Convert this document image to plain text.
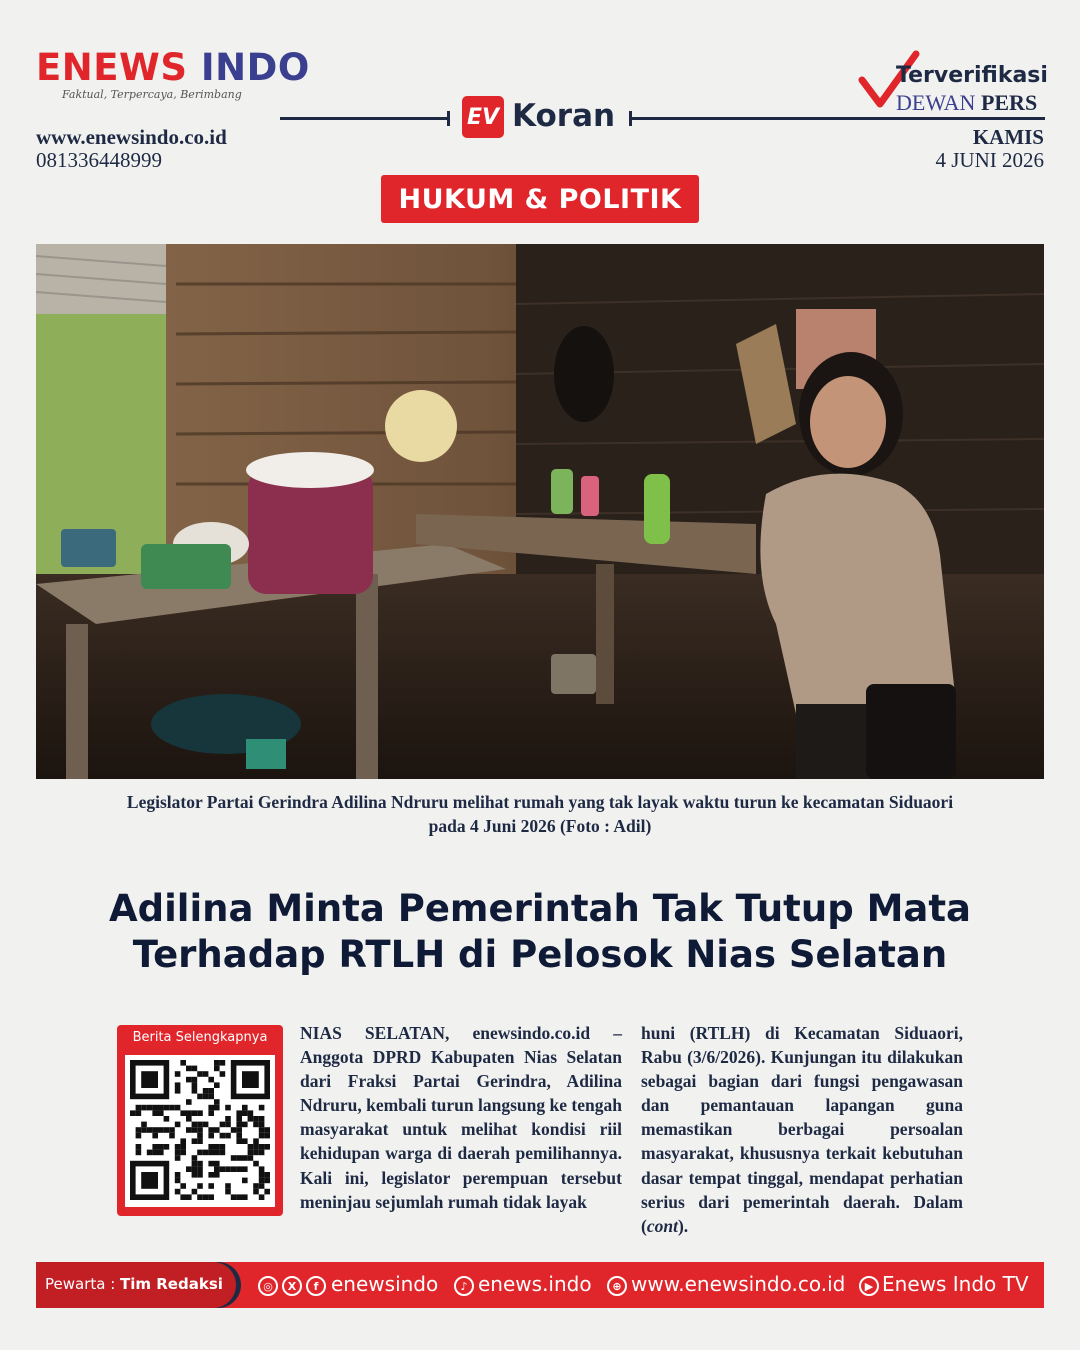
ENEWS INDO
Faktual, Terpercaya, Berimbang
www.enewsindo.co.id
081336448999
EV Koran
Terverifikasi
DEWAN PERS
KAMIS
4 JUNI 2026
HUKUM & POLITIK
Legislator Partai Gerindra Adilina Ndruru melihat rumah yang tak layak waktu turun ke kecamatan Siduaori
pada 4 Juni 2026 (Foto : Adil)
Adilina Minta Pemerintah Tak Tutup Mata
Terhadap RTLH di Pelosok Nias Selatan
Berita Selengkapnya	NIAS SELATAN, enewsindo.co.id – Anggota DPRD Kabupaten Nias Selatan dari Fraksi Partai Gerindra, Adilina Ndruru, kembali turun langsung ke tengah masyarakat untuk melihat kondisi riil kehidupan warga di daerah pemilihannya. Kali ini, legislator perempuan tersebut meninjau sejumlah rumah tidak layak
huni (RTLH) di Kecamatan Siduaori, Rabu (3/6/2026). Kunjungan itu dilakukan sebagai bagian dari fungsi pengawasan dan pemantauan lapangan guna memastikan berbagai persoalan masyarakat, khususnya terkait kebutuhan dasar tempat tinggal, mendapat perhatian serius dari pemerintah daerah. Dalam (cont).
Pewarta : Tim Redaksi	◎	X	f enewsindo	♪ enews.indo	⊕ www.enewsindo.co.id	▶ Enews Indo TV
